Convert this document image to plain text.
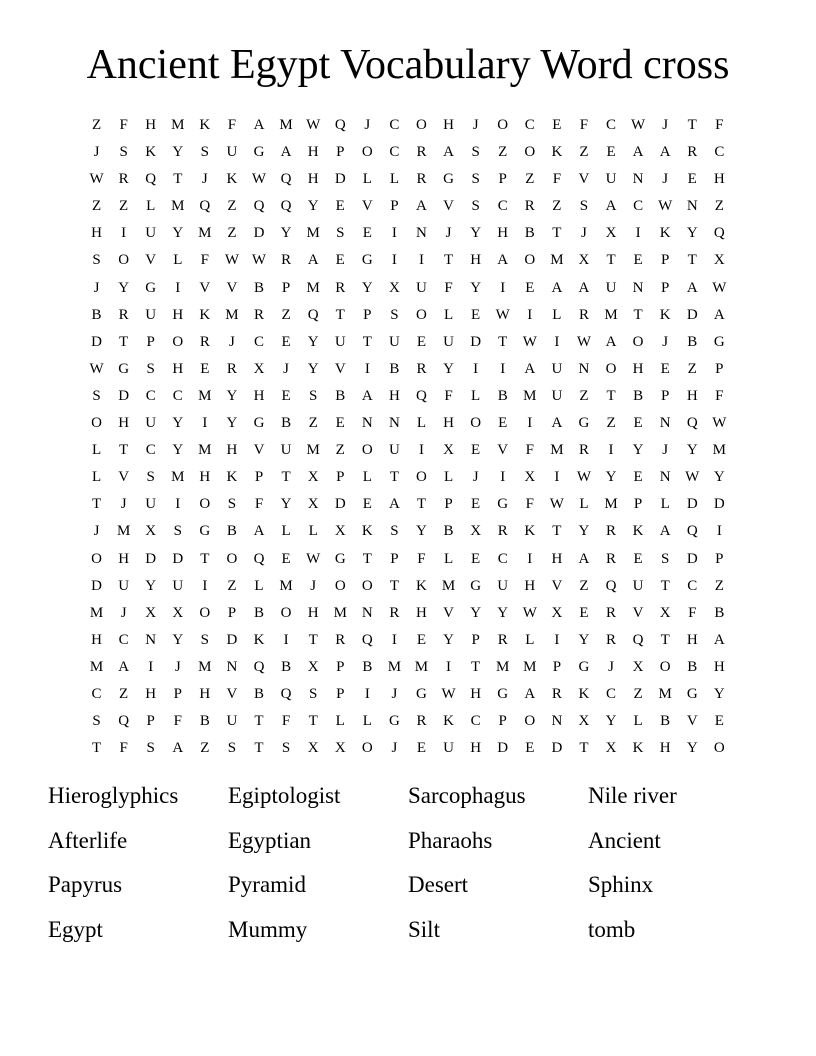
Ancient Egypt Vocabulary Word cross
Z	F	H M K	F	A M W Q	J	C	O	H	J	O	C	E	F	C W	J	T	F
J	S	K	Y	S	U	G	A	H	P	O	C	R	A	S	Z	O	K	Z	E	A	A	R	C
W R	Q	T	J	K W Q	H	D	L	L	R	G	S	P	Z	F	V	U	N	J	E	H
Z	Z	L	M Q	Z	Q	Q	Y	E	V	P	A	V	S	C	R	Z	S	A	C W N	Z
H	I	U	Y M	Z	D	Y M	S	E	I	N	J	Y	H	B	T	J	X	I	K	Y	Q
S	O	V	L	F	W W R	A	E	G	I	I	T	H	A	O M X	T	E	P	T	X
J	Y	G	I	V	V	B	P	M	R	Y	X	U	F	Y	I	E	A	A	U	N	P	A W
B	R	U	H	K M	R	Z	Q	T	P	S	O	L	E	W	I	L	R	M	T	K	D	A
D	T	P	O	R	J	C	E	Y	U	T	U	E	U	D	T	W	I	W A	O	J	B	G
W G	S	H	E	R	X	J	Y	V	I	B	R	Y	I	I	A	U	N	O	H	E	Z	P
S	D	C	C	M Y	H	E	S	B	A	H	Q	F	L	B	M U	Z	T	B	P	H	F
O	H	U	Y	I	Y	G	B	Z	E	N	N	L	H	O	E	I	A	G	Z	E	N	Q W
L	T	C	Y M H	V	U M	Z	O	U	I	X	E	V	F	M	R	I	Y	J	Y M
L	V	S	M H	K	P	T	X	P	L	T	O	L	J	I	X	I	W Y	E	N W Y
T	J	U	I	O	S	F	Y	X	D	E	A	T	P	E	G	F	W	L	M	P	L	D	D
J	M X	S	G	B	A	L	L	X	K	S	Y	B	X	R	K	T	Y	R	K	A	Q	I
O	H	D	D	T	O	Q	E	W G	T	P	F	L	E	C	I	H	A	R	E	S	D	P
D	U	Y	U	I	Z	L	M	J	O	O	T	K M G	U	H	V	Z	Q	U	T	C	Z
M	J	X	X	O	P	B	O	H M N	R	H	V	Y	Y W X	E	R	V	X	F	B
H	C	N	Y	S	D	K	I	T	R	Q	I	E	Y	P	R	L	I	Y	R	Q	T	H	A
M A	I	J	M N	Q	B	X	P	B	M M	I	T	M M	P	G	J	X	O	B	H
C	Z	H	P	H	V	B	Q	S	P	I	J	G W H	G	A	R	K	C	Z	M G	Y
S	Q	P	F	B	U	T	F	T	L	L	G	R	K	C	P	O	N	X	Y	L	B	V	E
T	F	S	A	Z	S	T	S	X	X	O	J	E	U	H	D	E	D	T	X	K	H	Y	O
Hieroglyphics	Egiptologist	Sarcophagus	Nile river
Afterlife	Egyptian	Pharaohs	Ancient
Papyrus	Pyramid	Desert	Sphinx
Egypt	Mummy	Silt	tomb
